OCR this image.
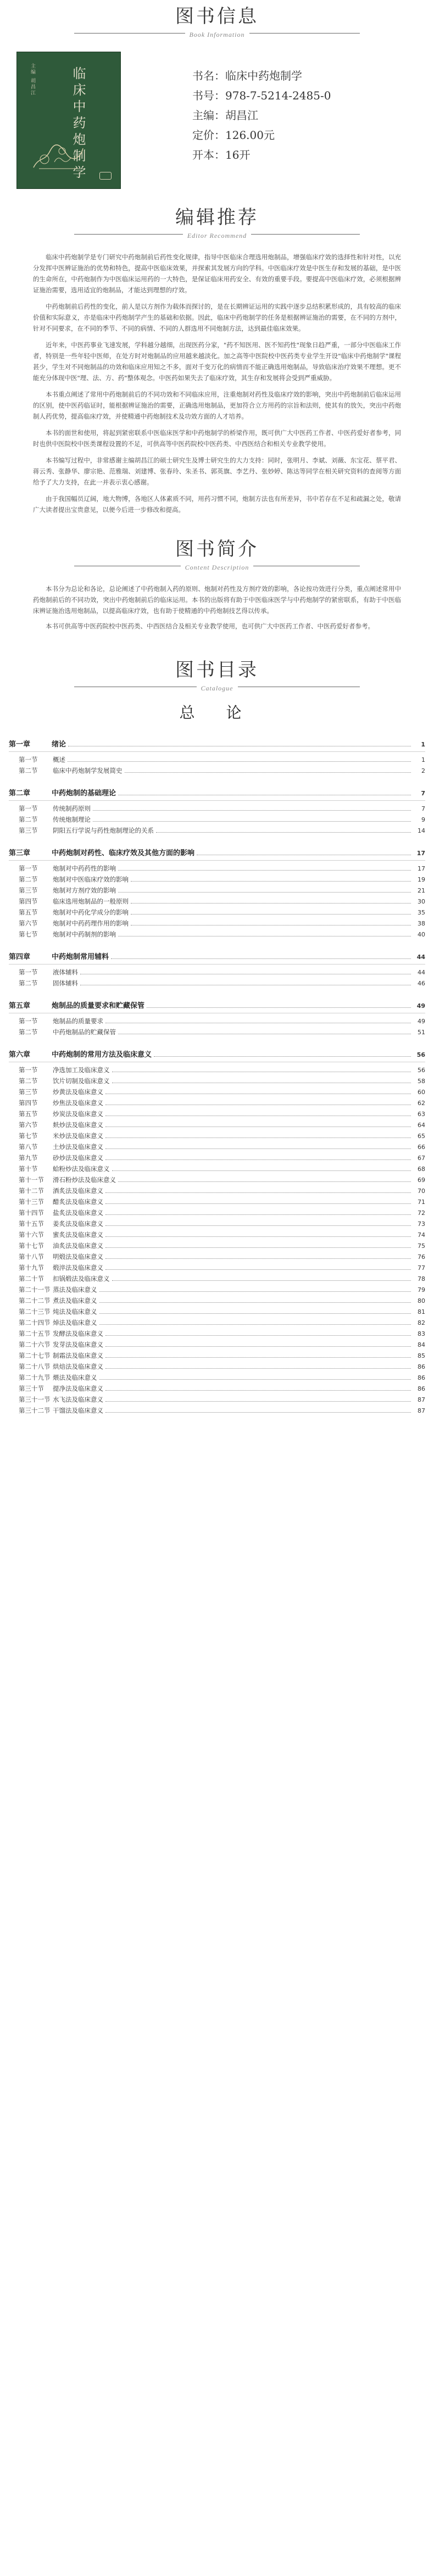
图书信息
Book Information
临床中药炮制学
主编 胡昌江	书名：临床中药炮制学
书号：978-7-5214-2485-0
主编：胡昌江
定价：126.00元
开本：16开
编辑推荐
Editor Recommend

临床中药炮制学是专门研究中药炮制前后药性变化规律，指导中医临床合理选用炮制品，增强临床疗效的选择性和针对性，以充分发挥中医辨证施治的优势和特色，提高中医临床效果，并探索其发展方向的学科。中医临床疗效是中医生存和发展的基础，是中医的生命所在，中药炮制作为中医临床运用药的一大特色，是保证临床用药安全、有效的重要手段。要提高中医临床疗效，必须根据辨证施治需要，选用适宜的炮制品，才能达到理想的疗效。

中药炮制前后药性的变化，前人是以方剂作为载体而探讨的，是在长期辨证运用的实践中逐步总结积累形成的，具有较高的临床价值和实际意义，亦是临床中药炮制学产生的基础和依据。因此，临床中药炮制学的任务是根据辨证施治的需要，在不同的方剂中，针对不同要求，在不同的季节、不同的病情、不同的人群选用不同炮制方法，达到最佳临床效果。

近年来，中医药事业飞速发展，学科越分越细，出现医药分家，"药不知医用、医不知药性"现象日趋严重，一部分中医临床工作者，特别是一些年轻中医师，在处方时对炮制品的应用越来越淡化。加之高等中医院校中医药类专业学生开设"临床中药炮制学"课程甚少，学生对不同炮制品的功效和临床应用知之不多，面对千变万化的病情而不能正确选用炮制品，导致临床治疗效果不理想。更不能充分体现中医"理、法、方、药"整体观念。中医药如果失去了临床疗效，其生存和发展将会受到严重威胁。

本书重点阐述了常用中药炮制前后的不同功效和不同临床应用，注重炮制对药性及临床疗效的影响，突出中药炮制前后临床运用的区别，使中医药临证时，能根据辨证施治的需要，正确选用炮制品，更加符合立方用药的宗旨和法则，使其有的放矢，突出中药炮制人药优势，提高临床疗效，并使精通中药炮制技术及功效方面的人才培养。

本书的面世和使用，将起到紧密联系中医临床医学和中药炮制学的桥梁作用，既可供广大中医药工作者、中医药爱好者参考，同时也供中医院校中医类课程设置的不足，可供高等中医药院校中医药类、中西医结合和相关专业教学使用。

本书编写过程中，非常感谢主编胡昌江的硕士研究生及博士研究生的大力支持：同时，张明月、李斌、刘薇、东宝花、蔡平君、蒋云秀、张静华、廖宗艳、范雅瑞、刘建博、张春玲、朱圣书、郭英旗、李艺丹、张妙婷、陈达等同学在相关研究资料的查阅等方面给予了大力支持，在此一并表示衷心感谢。

由于我国幅员辽阔，地大物博，各地区人体素质不同，用药习惯不同，炮制方法也有所差异，书中若存在不足和疏漏之处，敬请广大读者提出宝贵意见，以便今后进一步修改和提高。

图书简介
Content Description

本书分为总论和各论，总论阐述了中药炮制入药的原则、炮制对药性及方剂疗效的影响，各论按功效进行分类，重点阐述常用中药炮制前后的不同功效，突出中药炮制前后的临床运用。本书的出版将有助于中医临床医学与中药炮制学的紧密联系，有助于中医临床辨证施治选用炮制品，以提高临床疗效，也有助于使精通的中药炮制技艺得以传承。

本书可供高等中医药院校中医药类、中西医结合及相关专业教学使用，也可供广大中医药工作者、中医药爱好者参考。

图书目录
Catalogue
总 论
第一章	绪论	1
第一节	概述	1
第二节	临床中药炮制学发展简史	2
第二章	中药炮制的基础理论	7
第一节	传统制药原则	7
第二节	传统炮制理论	9
第三节	阴阳五行学说与药性炮制理论的关系	14
第三章	中药炮制对药性、临床疗效及其他方面的影响	17
第一节	炮制对中药药性的影响	17
第二节	炮制对中医临床疗效的影响	19
第三节	炮制对方剂疗效的影响	21
第四节	临床选用炮制品的一般原则	30
第五节	炮制对中药化学成分的影响	35
第六节	炮制对中药药理作用的影响	38
第七节	炮制对中药制剂的影响	40
第四章	中药炮制常用辅料	44
第一节	液体辅料	44
第二节	固体辅料	46
第五章	炮制品的质量要求和贮藏保管	49
第一节	炮制品的质量要求	49
第二节	中药炮制品的贮藏保管	51
第六章	中药炮制的常用方法及临床意义	56
第一节	净选加工及临床意义	56
第二节	饮片切制及临床意义	58
第三节	炒黄法及临床意义	60
第四节	炒焦法及临床意义	62
第五节	炒炭法及临床意义	63
第六节	麸炒法及临床意义	64
第七节	米炒法及临床意义	65
第八节	土炒法及临床意义	66
第九节	砂炒法及临床意义	67
第十节	蛤粉炒法及临床意义	68
第十一节	滑石粉炒法及临床意义	69
第十二节	酒炙法及临床意义	70
第十三节	醋炙法及临床意义	71
第十四节	盐炙法及临床意义	72
第十五节	姜炙法及临床意义	73
第十六节	蜜炙法及临床意义	74
第十七节	油炙法及临床意义	75
第十八节	明煅法及临床意义	76
第十九节	煅淬法及临床意义	77
第二十节	扣锅煅法及临床意义	78
第二十一节 蒸法及临床意义	79
第二十二节 煮法及临床意义	80
第二十三节 炖法及临床意义	81
第二十四节 焯法及临床意义	82
第二十五节 发酵法及临床意义	83
第二十六节 发芽法及临床意义	84
第二十七节 制霜法及临床意义	85
第二十八节 烘焙法及临床意义	86
第二十九节 煨法及临床意义	86
第三十节	提净法及临床意义	86
第三十一节 水飞法及临床意义	87
第三十二节 干馏法及临床意义	87
